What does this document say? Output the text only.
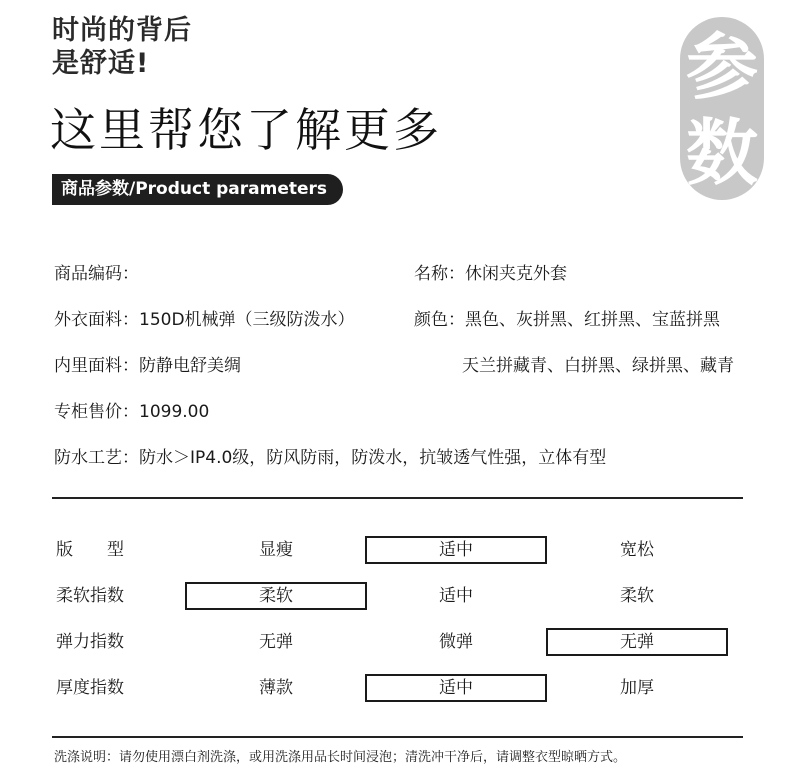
时尚的背后
是舒适!
这里帮您了解更多
商品参数/Product parameters
参
数
商品编码：	名称：休闲夹克外套
外衣面料：150D机械弹（三级防泼水）	颜色：黑色、灰拼黑、红拼黑、宝蓝拼黑
内里面料：防静电舒美绸	天兰拼藏青、白拼黑、绿拼黑、藏青
专柜售价：1099.00
防水工艺：防水＞IP4.0级，防风防雨，防泼水，抗皱透气性强，立体有型
版　　型	显瘦	适中	宽松
柔软指数	柔软	适中	柔软
弹力指数	无弹	微弹	无弹
厚度指数	薄款	适中	加厚
洗涤说明：请勿使用漂白剂洗涤，或用洗涤用品长时间浸泡；清洗冲干净后，请调整衣型晾晒方式。
